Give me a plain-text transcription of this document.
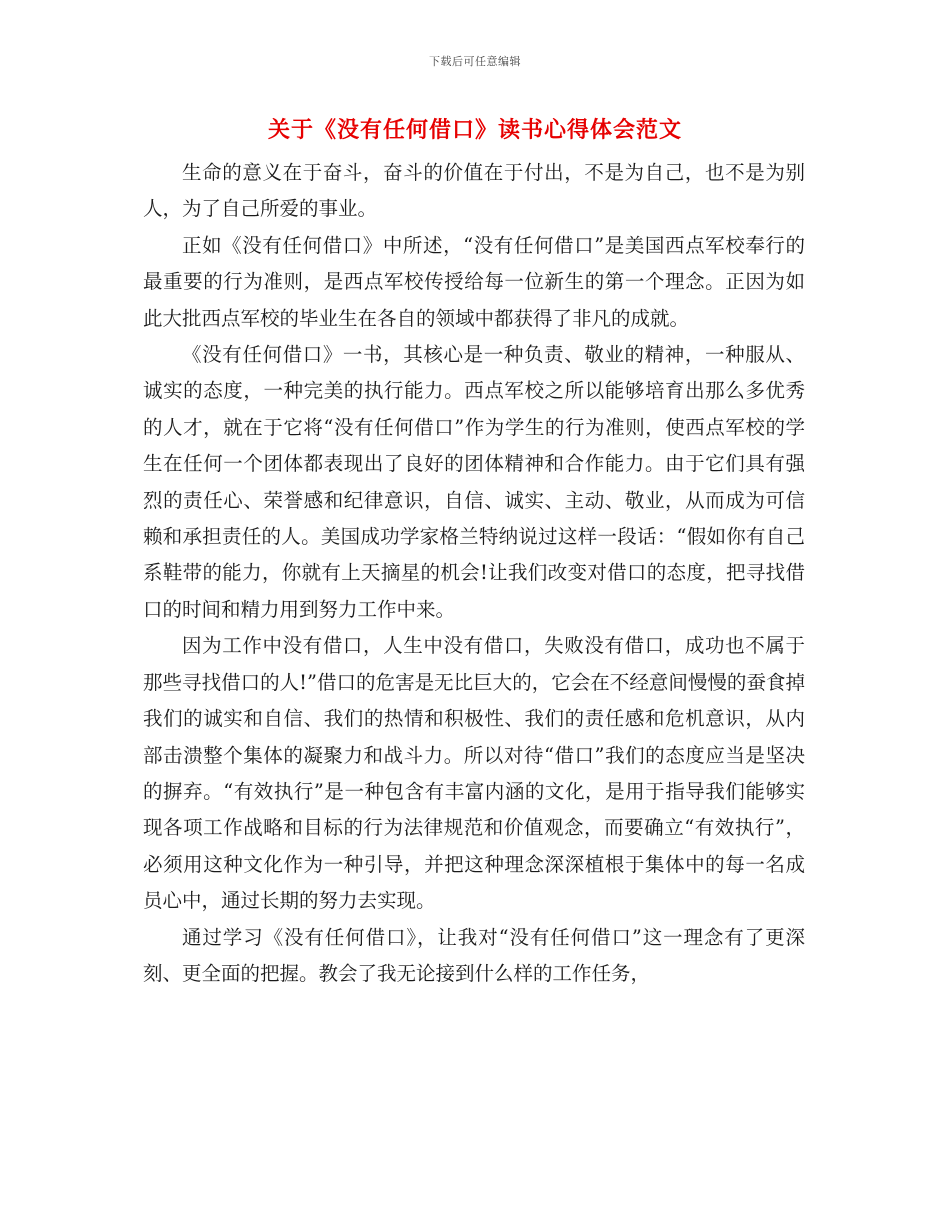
下载后可任意编辑
关于《没有任何借口》读书心得体会范文

生命的意义在于奋斗，奋斗的价值在于付出，不是为自己，也不是为别人，为了自己所爱的事业。

正如《没有任何借口》中所述，“没有任何借口”是美国西点军校奉行的最重要的行为准则，是西点军校传授给每一位新生的第一个理念。正因为如此大批西点军校的毕业生在各自的领域中都获得了非凡的成就。

《没有任何借口》一书，其核心是一种负责、敬业的精神，一种服从、诚实的态度，一种完美的执行能力。西点军校之所以能够培育出那么多优秀的人才，就在于它将“没有任何借口”作为学生的行为准则，使西点军校的学生在任何一个团体都表现出了良好的团体精神和合作能力。由于它们具有强烈的责任心、荣誉感和纪律意识，自信、诚实、主动、敬业，从而成为可信赖和承担责任的人。美国成功学家格兰特纳说过这样一段话：“假如你有自己系鞋带的能力，你就有上天摘星的机会!让我们改变对借口的态度，把寻找借口的时间和精力用到努力工作中来。

因为工作中没有借口，人生中没有借口，失败没有借口，成功也不属于那些寻找借口的人!”借口的危害是无比巨大的，它会在不经意间慢慢的蚕食掉我们的诚实和自信、我们的热情和积极性、我们的责任感和危机意识，从内部击溃整个集体的凝聚力和战斗力。所以对待“借口”我们的态度应当是坚决的摒弃。“有效执行”是一种包含有丰富内涵的文化，是用于指导我们能够实现各项工作战略和目标的行为法律规范和价值观念，而要确立“有效执行”，必须用这种文化作为一种引导，并把这种理念深深植根于集体中的每一名成员心中，通过长期的努力去实现。

通过学习《没有任何借口》，让我对“没有任何借口”这一理念有了更深刻、更全面的把握。教会了我无论接到什么样的工作任务，
